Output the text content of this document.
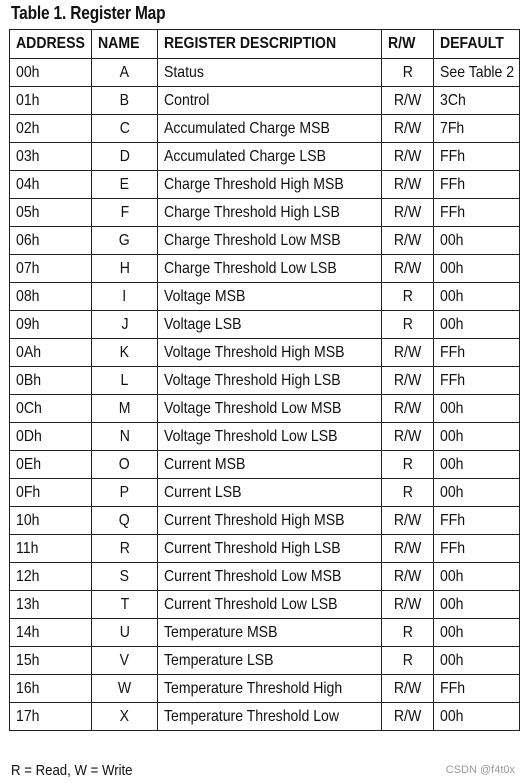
Table 1. Register Map
ADDRESS	NAME	REGISTER DESCRIPTION	R/W	DEFAULT
00h	A	Status	R	See Table 2
01h	B	Control	R/W	3Ch
02h	C	Accumulated Charge MSB	R/W	7Fh
03h	D	Accumulated Charge LSB	R/W	FFh
04h	E	Charge Threshold High MSB	R/W	FFh
05h	F	Charge Threshold High LSB	R/W	FFh
06h	G	Charge Threshold Low MSB	R/W	00h
07h	H	Charge Threshold Low LSB	R/W	00h
08h	I	Voltage MSB	R	00h
09h	J	Voltage LSB	R	00h
0Ah	K	Voltage Threshold High MSB	R/W	FFh
0Bh	L	Voltage Threshold High LSB	R/W	FFh
0Ch	M	Voltage Threshold Low MSB	R/W	00h
0Dh	N	Voltage Threshold Low LSB	R/W	00h
0Eh	O	Current MSB	R	00h
0Fh	P	Current LSB	R	00h
10h	Q	Current Threshold High MSB	R/W	FFh
11h	R	Current Threshold High LSB	R/W	FFh
12h	S	Current Threshold Low MSB	R/W	00h
13h	T	Current Threshold Low LSB	R/W	00h
14h	U	Temperature MSB	R	00h
15h	V	Temperature LSB	R	00h
16h	W	Temperature Threshold High	R/W	FFh
17h	X	Temperature Threshold Low	R/W	00h
R = Read, W = Write	CSDN @f4t0x
